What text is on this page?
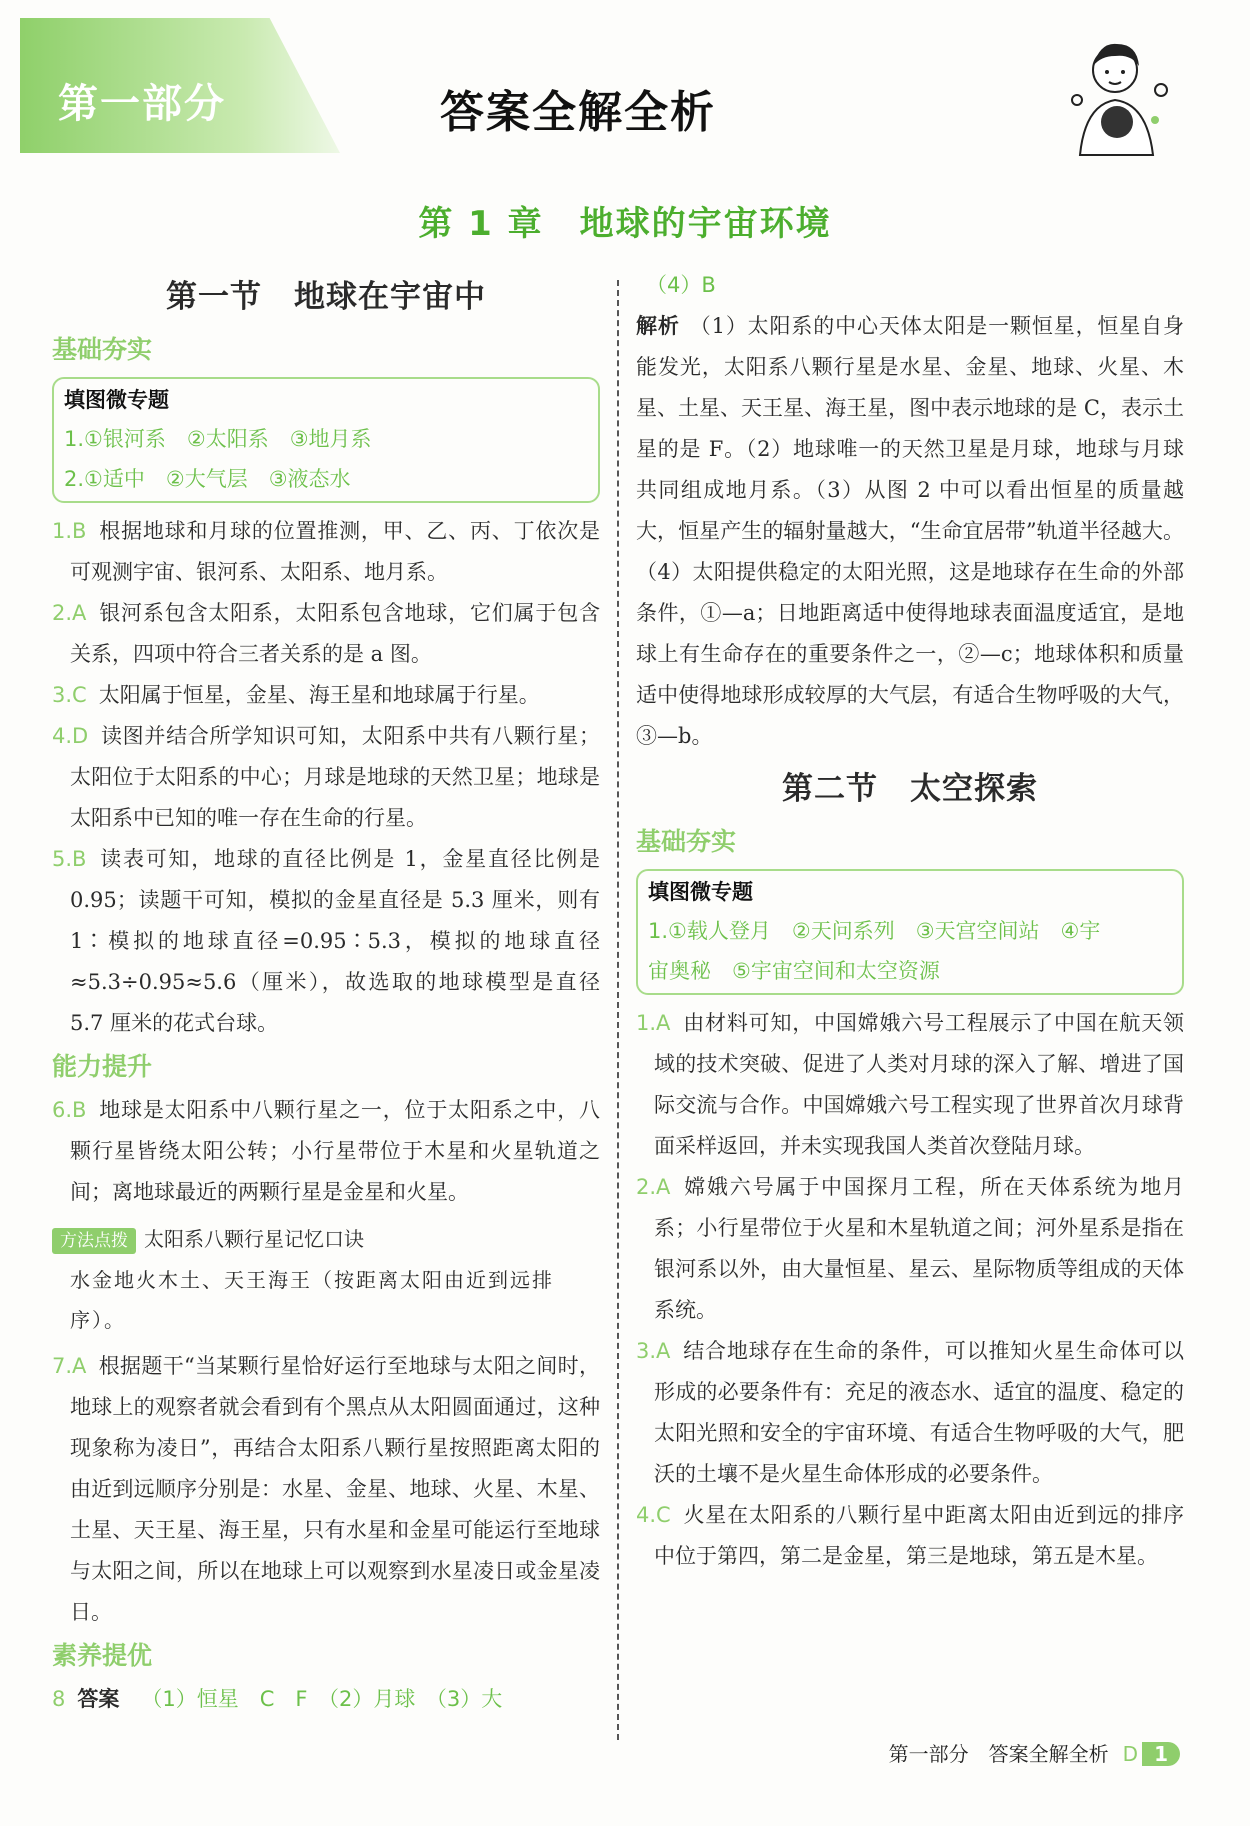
第一部分	答案全解全析
第 1 章　地球的宇宙环境
第一节　地球在宇宙中
基础夯实
填图微专题
1.①银河系　②太阳系　③地月系
2.①适中　②大气层　③液态水
1.B 根据地球和月球的位置推测，甲、乙、丙、丁依次是可观测宇宙、银河系、太阳系、地月系。
2.A 银河系包含太阳系，太阳系包含地球，它们属于包含关系，四项中符合三者关系的是 a 图。
3.C 太阳属于恒星，金星、海王星和地球属于行星。
4.D 读图并结合所学知识可知，太阳系中共有八颗行星；太阳位于太阳系的中心；月球是地球的天然卫星；地球是太阳系中已知的唯一存在生命的行星。
5.B 读表可知，地球的直径比例是 1，金星直径比例是 0.95；读题干可知，模拟的金星直径是 5.3 厘米，则有 1∶模拟的地球直径=0.95∶5.3，模拟的地球直径≈5.3÷0.95≈5.6（厘米），故选取的地球模型是直径 5.7 厘米的花式台球。
能力提升
6.B 地球是太阳系中八颗行星之一，位于太阳系之中，八颗行星皆绕太阳公转；小行星带位于木星和火星轨道之间；离地球最近的两颗行星是金星和火星。
方法点拨 太阳系八颗行星记忆口诀
水金地火木土、天王海王（按距离太阳由近到远排序）。
7.A 根据题干“当某颗行星恰好运行至地球与太阳之间时，地球上的观察者就会看到有个黑点从太阳圆面通过，这种现象称为凌日”，再结合太阳系八颗行星按照距离太阳的由近到远顺序分别是：水星、金星、地球、火星、木星、土星、天王星、海王星，只有水星和金星可能运行至地球与太阳之间，所以在地球上可以观察到水星凌日或金星凌日。
素养提优
8 答案 （1）恒星　C　F　（2）月球　（3）大
（4）B
解析 （1）太阳系的中心天体太阳是一颗恒星，恒星自身能发光，太阳系八颗行星是水星、金星、地球、火星、木星、土星、天王星、海王星，图中表示地球的是 C，表示土星的是 F。（2）地球唯一的天然卫星是月球，地球与月球共同组成地月系。（3）从图 2 中可以看出恒星的质量越大，恒星产生的辐射量越大，“生命宜居带”轨道半径越大。（4）太阳提供稳定的太阳光照，这是地球存在生命的外部条件，①—a；日地距离适中使得地球表面温度适宜，是地球上有生命存在的重要条件之一，②—c；地球体积和质量适中使得地球形成较厚的大气层，有适合生物呼吸的大气，③—b。
第二节　太空探索
基础夯实
填图微专题
1.①载人登月　②天问系列　③天宫空间站　④宇
宙奥秘　⑤宇宙空间和太空资源
1.A 由材料可知，中国嫦娥六号工程展示了中国在航天领域的技术突破、促进了人类对月球的深入了解、增进了国际交流与合作。中国嫦娥六号工程实现了世界首次月球背面采样返回，并未实现我国人类首次登陆月球。
2.A 嫦娥六号属于中国探月工程，所在天体系统为地月系；小行星带位于火星和木星轨道之间；河外星系是指在银河系以外，由大量恒星、星云、星际物质等组成的天体系统。
3.A 结合地球存在生命的条件，可以推知火星生命体可以形成的必要条件有：充足的液态水、适宜的温度、稳定的太阳光照和安全的宇宙环境、有适合生物呼吸的大气，肥沃的土壤不是火星生命体形成的必要条件。
4.C 火星在太阳系的八颗行星中距离太阳由近到远的排序中位于第四，第二是金星，第三是地球，第五是木星。
第一部分　答案全解全析 D 1
